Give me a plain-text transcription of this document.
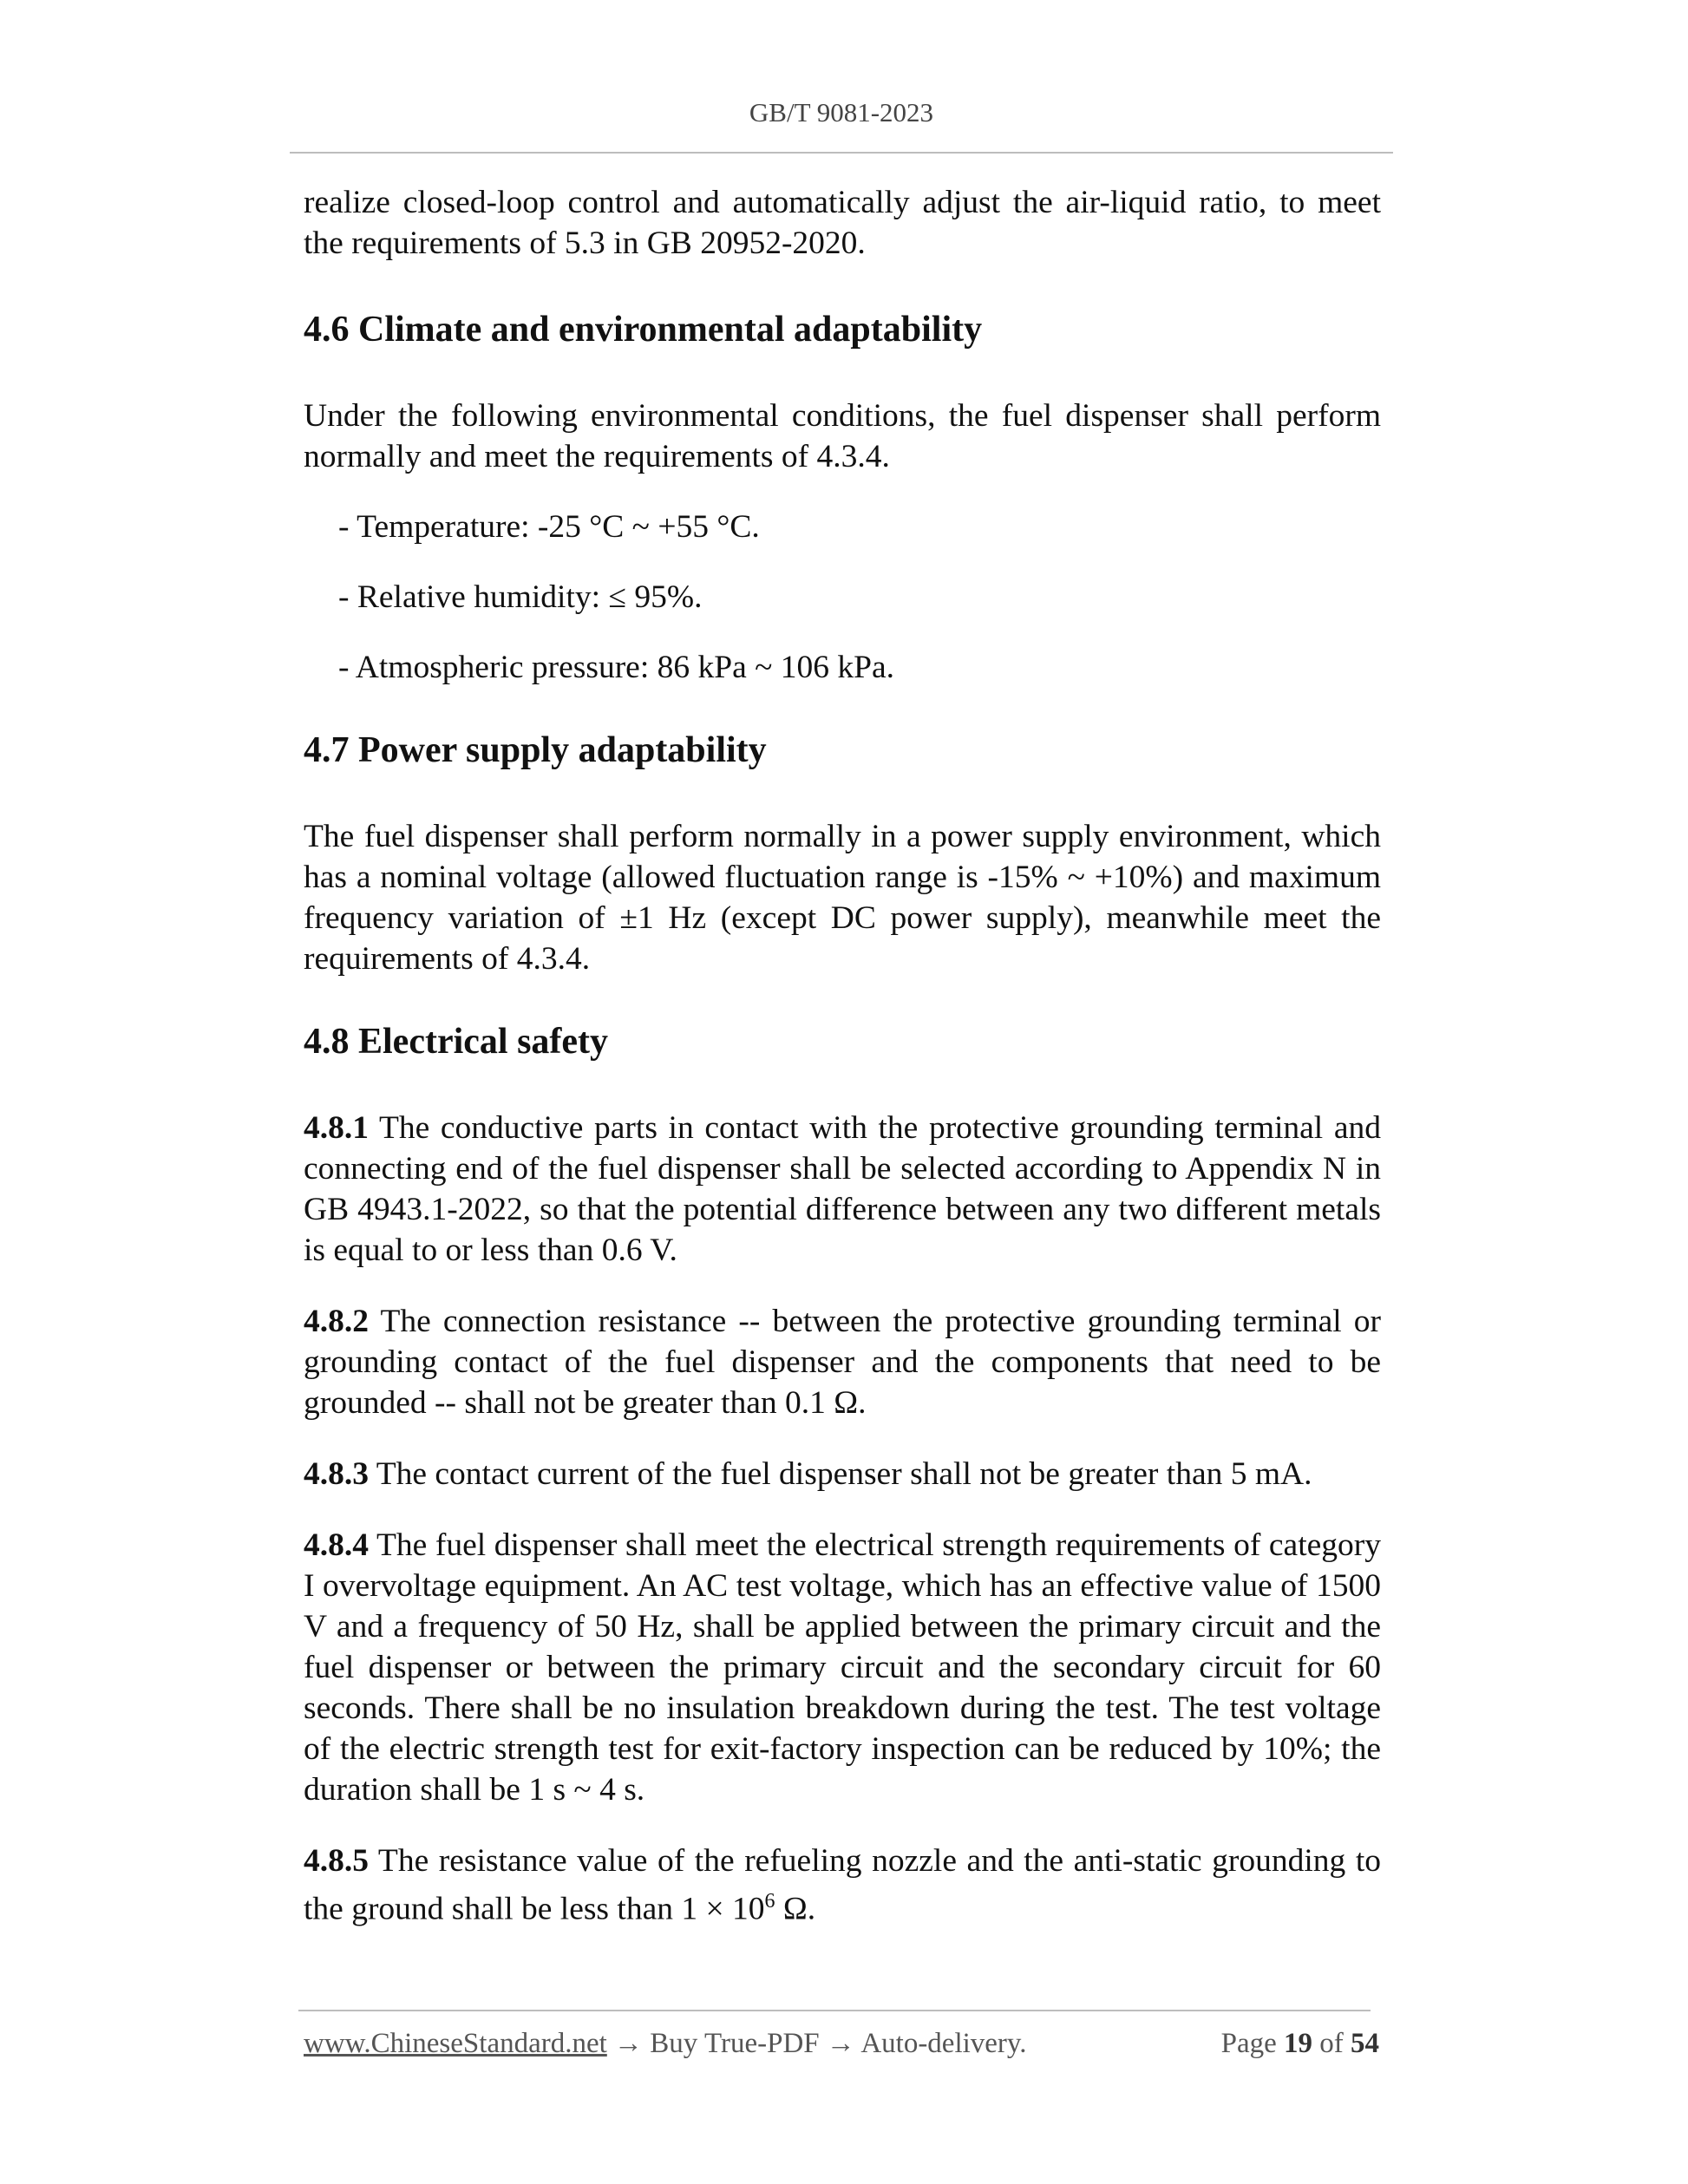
GB/T 9081-2023

realize closed-loop control and automatically adjust the air-liquid ratio, to meet the requirements of 5.3 in GB 20952-2020.

4.6 Climate and environmental adaptability

Under the following environmental conditions, the fuel dispenser shall perform normally and meet the requirements of 4.3.4.

- Temperature: -25 °C ~ +55 °C.

- Relative humidity: ≤ 95%.

- Atmospheric pressure: 86 kPa ~ 106 kPa.

4.7 Power supply adaptability

The fuel dispenser shall perform normally in a power supply environment, which has a nominal voltage (allowed fluctuation range is -15% ~ +10%) and maximum frequency variation of ±1 Hz (except DC power supply), meanwhile meet the requirements of 4.3.4.

4.8 Electrical safety

4.8.1 The conductive parts in contact with the protective grounding terminal and connecting end of the fuel dispenser shall be selected according to Appendix N in GB 4943.1-2022, so that the potential difference between any two different metals is equal to or less than 0.6 V.

4.8.2 The connection resistance -- between the protective grounding terminal or grounding contact of the fuel dispenser and the components that need to be grounded -- shall not be greater than 0.1 Ω.

4.8.3 The contact current of the fuel dispenser shall not be greater than 5 mA.

4.8.4 The fuel dispenser shall meet the electrical strength requirements of category I overvoltage equipment. An AC test voltage, which has an effective value of 1500 V and a frequency of 50 Hz, shall be applied between the primary circuit and the fuel dispenser or between the primary circuit and the secondary circuit for 60 seconds. There shall be no insulation breakdown during the test. The test voltage of the electric strength test for exit-factory inspection can be reduced by 10%; the duration shall be 1 s ~ 4 s.

4.8.5 The resistance value of the refueling nozzle and the anti-static grounding to the ground shall be less than $1 \times 10^6$ Ω.

www.ChineseStandard.net → Buy True-PDF → Auto-delivery.	Page 19 of 54
